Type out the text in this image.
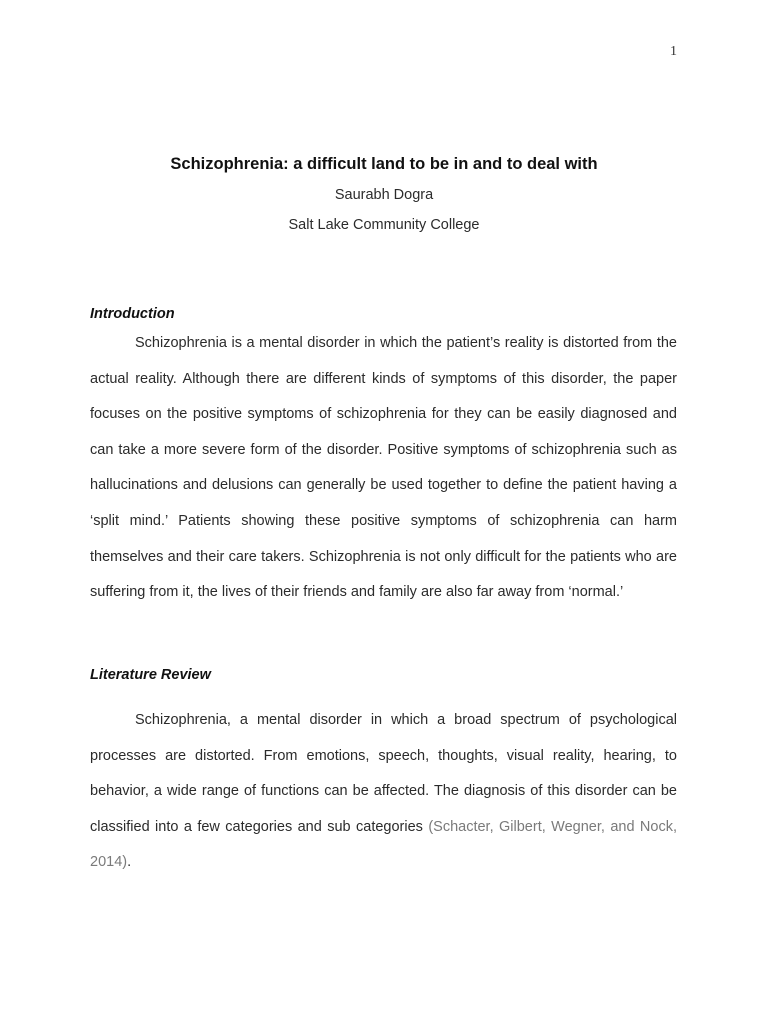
1
Schizophrenia: a difficult land to be in and to deal with
Saurabh Dogra
Salt Lake Community College
Introduction

Schizophrenia is a mental disorder in which the patient’s reality is distorted from the actual reality. Although there are different kinds of symptoms of this disorder, the paper focuses on the positive symptoms of schizophrenia for they can be easily diagnosed and can take a more severe form of the disorder. Positive symptoms of schizophrenia such as hallucinations and delusions can generally be used together to define the patient having a ‘split mind.’ Patients showing these positive symptoms of schizophrenia can harm themselves and their care takers. Schizophrenia is not only difficult for the patients who are suffering from it, the lives of their friends and family are also far away from ‘normal.’

Literature Review

Schizophrenia, a mental disorder in which a broad spectrum of psychological processes are distorted. From emotions, speech, thoughts, visual reality, hearing, to behavior, a wide range of functions can be affected. The diagnosis of this disorder can be classified into a few categories and sub categories (Schacter, Gilbert, Wegner, and Nock, 2014).
